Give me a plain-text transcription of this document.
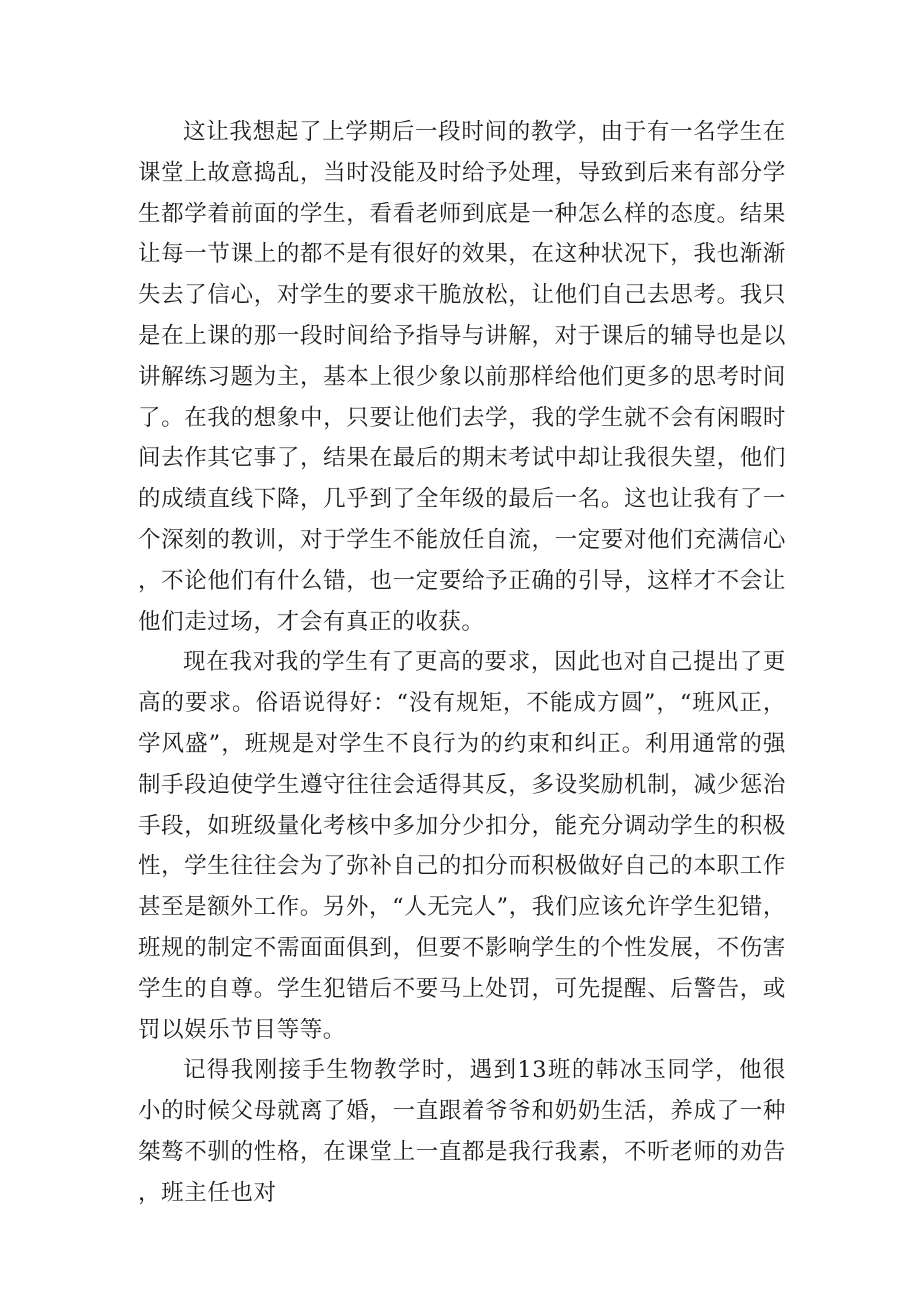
这让我想起了上学期后一段时间的教学，由于有一名学生在课堂上故意捣乱，当时没能及时给予处理，导致到后来有部分学生都学着前面的学生，看看老师到底是一种怎么样的态度。结果让每一节课上的都不是有很好的效果，在这种状况下，我也渐渐失去了信心，对学生的要求干脆放松，让他们自己去思考。我只是在上课的那一段时间给予指导与讲解，对于课后的辅导也是以讲解练习题为主，基本上很少象以前那样给他们更多的思考时间了。在我的想象中，只要让他们去学，我的学生就不会有闲暇时间去作其它事了，结果在最后的期末考试中却让我很失望，他们的成绩直线下降，几乎到了全年级的最后一名。这也让我有了一个深刻的教训，对于学生不能放任自流，一定要对他们充满信心，不论他们有什么错，也一定要给予正确的引导，这样才不会让他们走过场，才会有真正的收获。

现在我对我的学生有了更高的要求，因此也对自己提出了更高的要求。俗语说得好：“没有规矩，不能成方圆”，“班风正，学风盛”，班规是对学生不良行为的约束和纠正。利用通常的强制手段迫使学生遵守往往会适得其反，多设奖励机制，减少惩治手段，如班级量化考核中多加分少扣分，能充分调动学生的积极性，学生往往会为了弥补自己的扣分而积极做好自己的本职工作甚至是额外工作。另外，“人无完人”，我们应该允许学生犯错，班规的制定不需面面俱到，但要不影响学生的个性发展，不伤害学生的自尊。学生犯错后不要马上处罚，可先提醒、后警告，或罚以娱乐节目等等。

记得我刚接手生物教学时，遇到13班的韩冰玉同学，他很小的时候父母就离了婚，一直跟着爷爷和奶奶生活，养成了一种桀骜不驯的性格，在课堂上一直都是我行我素，不听老师的劝告，班主任也对
